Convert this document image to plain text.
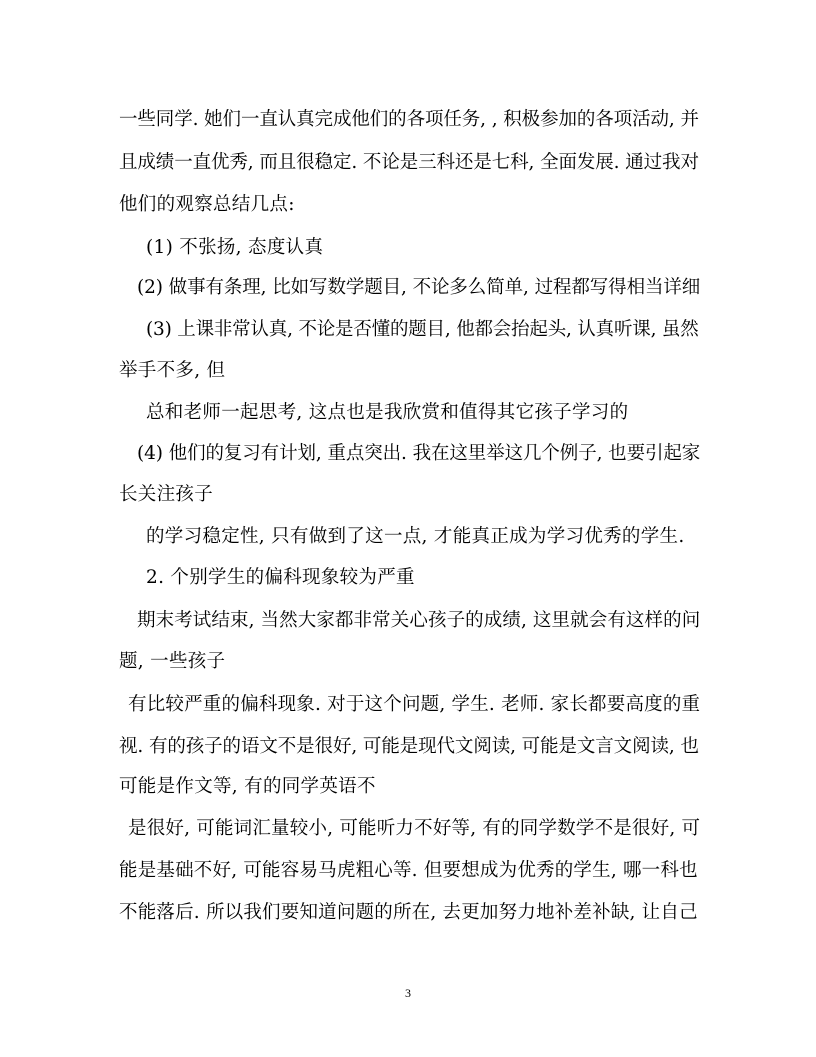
一些同学. 她们一直认真完成他们的各项任务, , 积极参加的各项活动, 并
且成绩一直优秀, 而且很稳定. 不论是三科还是七科, 全面发展. 通过我对
他们的观察总结几点:
(1) 不张扬, 态度认真
(2) 做事有条理, 比如写数学题目, 不论多么简单, 过程都写得相当详细
(3) 上课非常认真, 不论是否懂的题目, 他都会抬起头, 认真听课, 虽然
举手不多, 但
总和老师一起思考, 这点也是我欣赏和值得其它孩子学习的
(4) 他们的复习有计划, 重点突出. 我在这里举这几个例子, 也要引起家
长关注孩子
的学习稳定性, 只有做到了这一点, 才能真正成为学习优秀的学生.
2. 个别学生的偏科现象较为严重
期末考试结束, 当然大家都非常关心孩子的成绩, 这里就会有这样的问
题, 一些孩子
有比较严重的偏科现象. 对于这个问题, 学生. 老师. 家长都要高度的重
视. 有的孩子的语文不是很好, 可能是现代文阅读, 可能是文言文阅读, 也
可能是作文等, 有的同学英语不
是很好, 可能词汇量较小, 可能听力不好等, 有的同学数学不是很好, 可
能是基础不好, 可能容易马虎粗心等. 但要想成为优秀的学生, 哪一科也
不能落后. 所以我们要知道问题的所在, 去更加努力地补差补缺, 让自己
3
